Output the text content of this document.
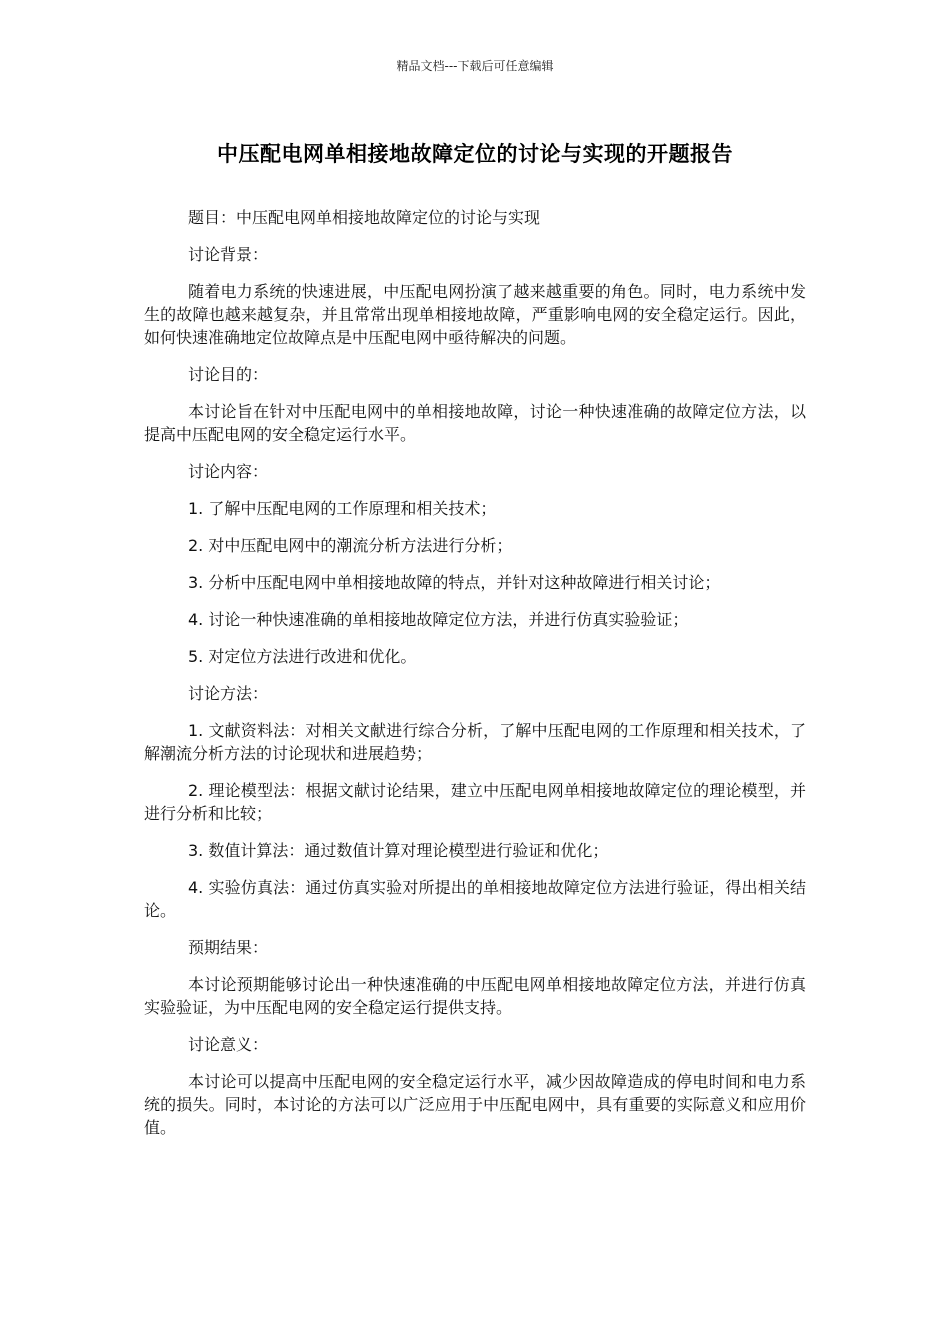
精品文档---下载后可任意编辑
中压配电网单相接地故障定位的讨论与实现的开题报告

题目：中压配电网单相接地故障定位的讨论与实现

讨论背景：

随着电力系统的快速进展，中压配电网扮演了越来越重要的角色。同时，电力系统中发生的故障也越来越复杂，并且常常出现单相接地故障，严重影响电网的安全稳定运行。因此，如何快速准确地定位故障点是中压配电网中亟待解决的问题。

讨论目的：

本讨论旨在针对中压配电网中的单相接地故障，讨论一种快速准确的故障定位方法，以提高中压配电网的安全稳定运行水平。

讨论内容：

1. 了解中压配电网的工作原理和相关技术；

2. 对中压配电网中的潮流分析方法进行分析；

3. 分析中压配电网中单相接地故障的特点，并针对这种故障进行相关讨论；

4. 讨论一种快速准确的单相接地故障定位方法，并进行仿真实验验证；

5. 对定位方法进行改进和优化。

讨论方法：

1. 文献资料法：对相关文献进行综合分析，了解中压配电网的工作原理和相关技术，了解潮流分析方法的讨论现状和进展趋势；

2. 理论模型法：根据文献讨论结果，建立中压配电网单相接地故障定位的理论模型，并进行分析和比较；

3. 数值计算法：通过数值计算对理论模型进行验证和优化；

4. 实验仿真法：通过仿真实验对所提出的单相接地故障定位方法进行验证，得出相关结论。

预期结果：

本讨论预期能够讨论出一种快速准确的中压配电网单相接地故障定位方法，并进行仿真实验验证，为中压配电网的安全稳定运行提供支持。

讨论意义：

本讨论可以提高中压配电网的安全稳定运行水平，减少因故障造成的停电时间和电力系统的损失。同时，本讨论的方法可以广泛应用于中压配电网中，具有重要的实际意义和应用价值。
